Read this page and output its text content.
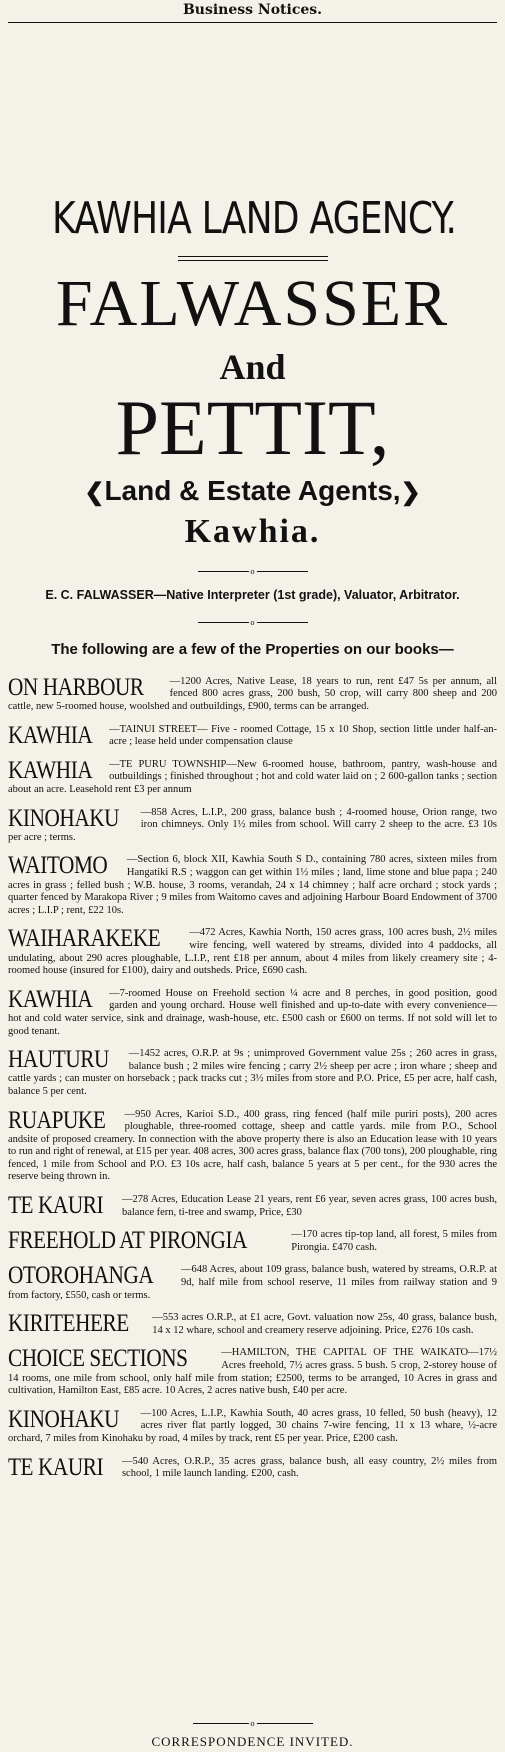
Business Notices.
KAWHIA LAND AGENCY.
FALWASSER
And
PETTIT,
❮Land & Estate Agents,❯
Kawhia.
o
E. C. FALWASSER—Native Interpreter (1st grade), Valuator, Arbitrator.
o
The following are a few of the Properties on our books—
ON HARBOUR —1200 Acres, Native Lease, 18 years to run, rent £47 5s per annum, all fenced 800 acres grass, 200 bush, 50 crop, will carry 800 sheep and 200 cattle, new 5-roomed house, woolshed and outbuildings, £900, terms can be arranged.
KAWHIA —TAINUI STREET— Five - roomed Cottage, 15 x 10 Shop, section little under half-an-acre ; lease held under compensation clause
KAWHIA —TE PURU TOWNSHIP—New 6-roomed house, bathroom, pantry, wash-house and outbuildings ; finished throughout ; hot and cold water laid on ; 2 600-gallon tanks ; section about an acre. Leasehold rent £3 per annum
KINOHAKU —858 Acres, L.I.P., 200 grass, balance bush ; 4-roomed house, Orion range, two iron chimneys. Only 1½ miles from school. Will carry 2 sheep to the acre. £3 10s per acre ; terms.
WAITOMO —Section 6, block XII, Kawhia South S D., containing 780 acres, sixteen miles from Hangatiki R.S ; waggon can get within 1½ miles ; land, lime stone and blue papa ; 240 acres in grass ; felled bush ; W.B. house, 3 rooms, verandah, 24 x 14 chimney ; half acre orchard ; stock yards ; quarter fenced by Marakopa River ; 9 miles from Waitomo caves and adjoining Harbour Board Endowment of 3700 acres ; L.I.P ; rent, £22 10s.
WAIHARAKEKE	—472 Acres, Kawhia North, 150 acres grass, 100 acres bush, 2½ miles wire fencing, well watered by streams, divided into 4 paddocks, all undulating, about 290 acres ploughable, L.I.P., rent £18 per annum, about 4 miles from likely creamery site ; 4-roomed house (insured for £100), dairy and outsheds. Price, £690 cash.
KAWHIA —7-roomed House on Freehold section ¼ acre and 8 perches, in good position, good garden and young orchard. House well finished and up-to-date with every convenience—hot and cold water service, sink and drainage, wash-house, etc. £500 cash or £600 on terms. If not sold will let to good tenant.
HAUTURU —1452 acres, O.R.P. at 9s ; unimproved Government value 25s ; 260 acres in grass, balance bush ; 2 miles wire fencing ; carry 2½ sheep per acre ; iron whare ; sheep and cattle yards ; can muster on horseback ; pack tracks cut ; 3½ miles from store and P.O. Price, £5 per acre, half cash, balance 5 per cent.
RUAPUKE —950 Acres, Karioi S.D., 400 grass, ring fenced (half mile puriri posts), 200 acres ploughable, three-roomed cottage, sheep and cattle yards. mile from P.O., School andsite of proposed creamery. In connection with the above property there is also an Education lease with 10 years to run and right of renewal, at £15 per year. 408 acres, 300 acres grass, balance flax (700 tons), 200 ploughable, ring fenced, 1 mile from School and P.O. £3 10s acre, half cash, balance 5 years at 5 per cent., for the 930 acres the reserve being thrown in.
TE KAURI —278 Acres, Education Lease 21 years, rent £6 year, seven acres grass, 100 acres bush, balance fern, ti-tree and swamp, Price, £30
FREEHOLD AT PIRONGIA	—170 acres tip-top land, all forest, 5 miles from Pirongia. £470 cash.
OTOROHANGA	—648 Acres, about 109 grass, balance bush, watered by streams, O.R.P. at 9d, half mile from school reserve, 11 miles from railway station and 9 from factory, £550, cash or terms.
KIRITEHERE —553 acres O.R.P., at £1 acre, Govt. valuation now 25s, 40 grass, balance bush, 14 x 12 whare, school and creamery reserve adjoining. Price, £276 10s cash.
CHOICE SECTIONS	—HAMILTON, THE CAPITAL OF THE WAIKATO—17½ Acres freehold, 7½ acres grass. 5 bush. 5 crop, 2-storey house of 14 rooms, one mile from school, only half mile from station; £2500, terms to be arranged, 10 Acres in grass and cultivation, Hamilton East, £85 acre. 10 Acres, 2 acres native bush, £40 per acre.
KINOHAKU —100 Acres, L.I.P., Kawhia South, 40 acres grass, 10 felled, 50 bush (heavy), 12 acres river flat partly logged, 30 chains 7-wire fencing, 11 x 13 whare, ½-acre orchard, 7 miles from Kinohaku by road, 4 miles by track, rent £5 per year. Price, £200 cash.
TE KAURI —540 Acres, O.R.P., 35 acres grass, balance bush, all easy country, 2½ miles from school, 1 mile launch landing. £200, cash.
o
CORRESPONDENCE INVITED.
